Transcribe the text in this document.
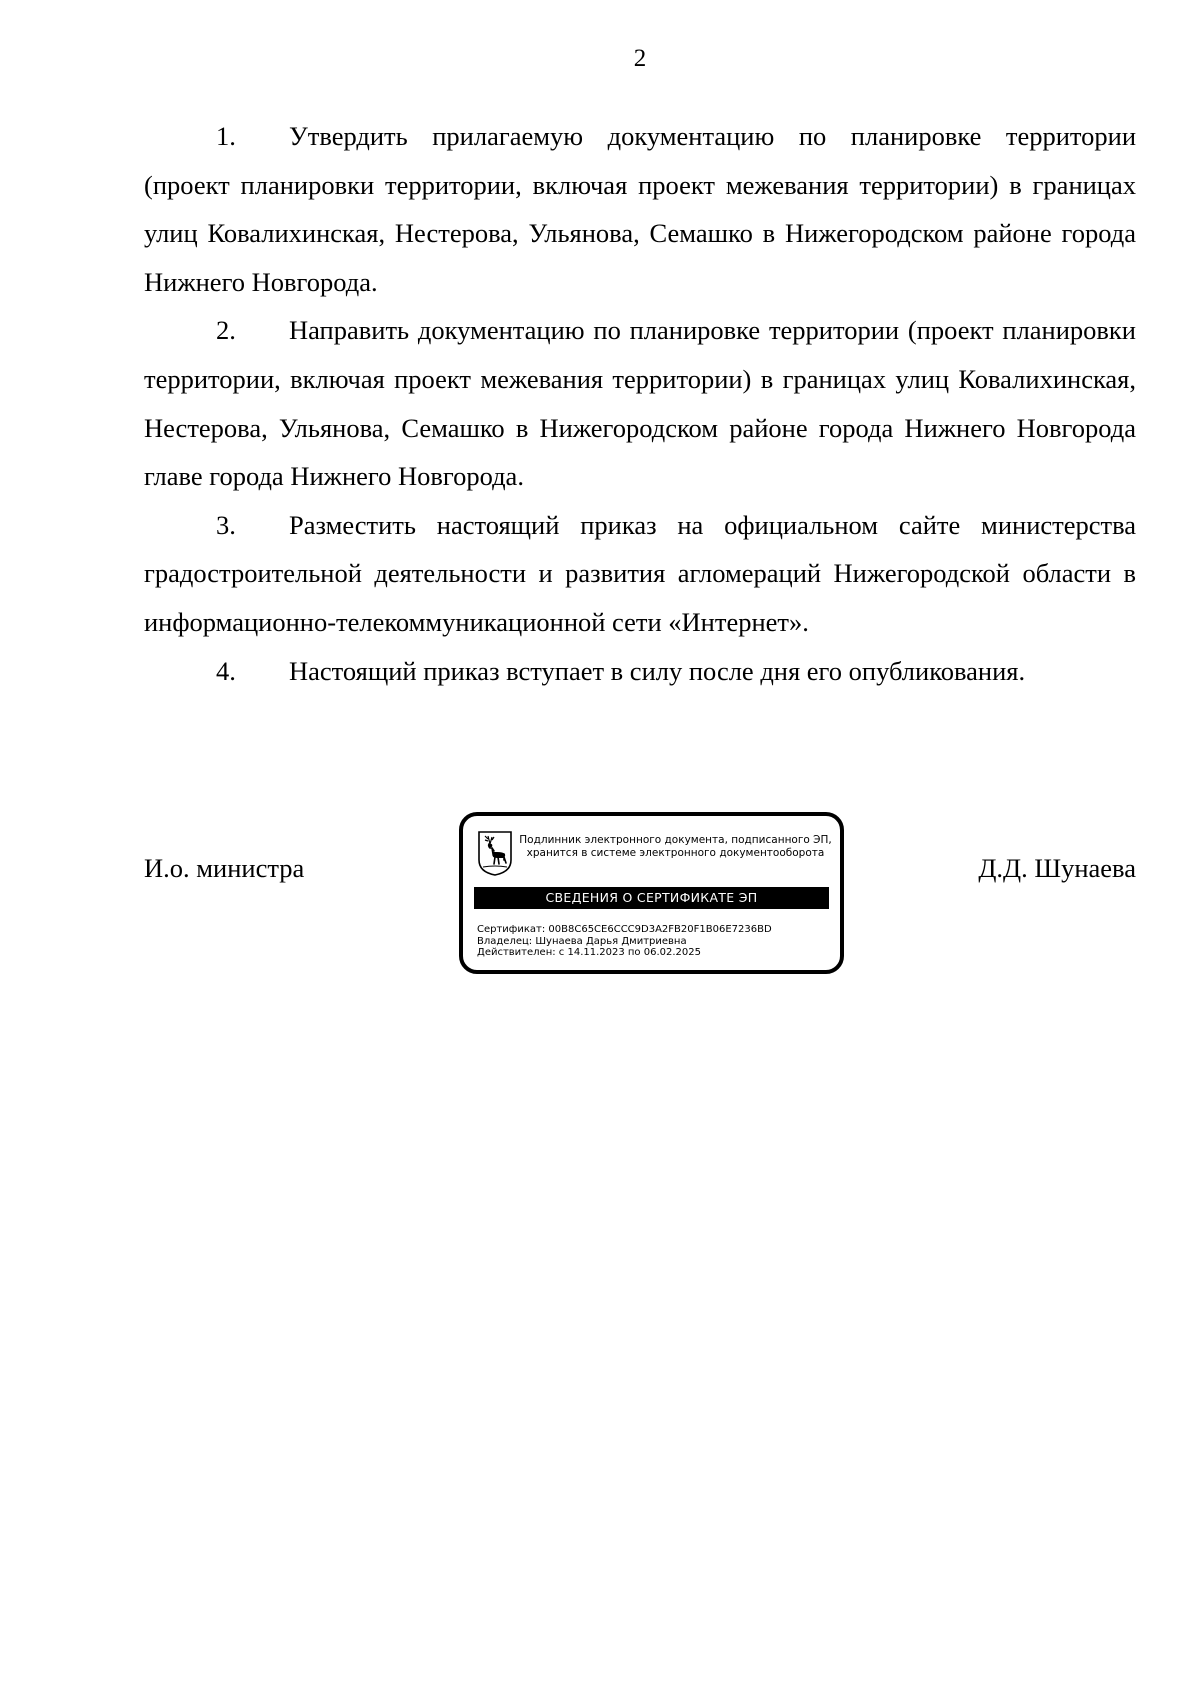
2

1. Утвердить прилагаемую документацию по планировке территории (проект планировки территории, включая проект межевания территории) в границах улиц Ковалихинская, Нестерова, Ульянова, Семашко в Нижегородском районе города Нижнего Новгорода.

2. Направить документацию по планировке территории (проект планировки территории, включая проект межевания территории) в границах улиц Ковалихинская, Нестерова, Ульянова, Семашко в Нижегородском районе города Нижнего Новгорода главе города Нижнего Новгорода.

3. Разместить настоящий приказ на официальном сайте министерства градостроительной деятельности и развития агломераций Нижегородской области в информационно-телекоммуникационной сети «Интернет».

4. Настоящий приказ вступает в силу после дня его опубликования.

И.о. министра	Д.Д. Шунаева
Подлинник электронного документа, подписанного ЭП,
хранится в системе электронного документооборота
СВЕДЕНИЯ О СЕРТИФИКАТЕ ЭП
Сертификат: 00B8C65CE6CCC9D3A2FB20F1B06E7236BD
Владелец: Шунаева Дарья Дмитриевна
Действителен: с 14.11.2023 по 06.02.2025
